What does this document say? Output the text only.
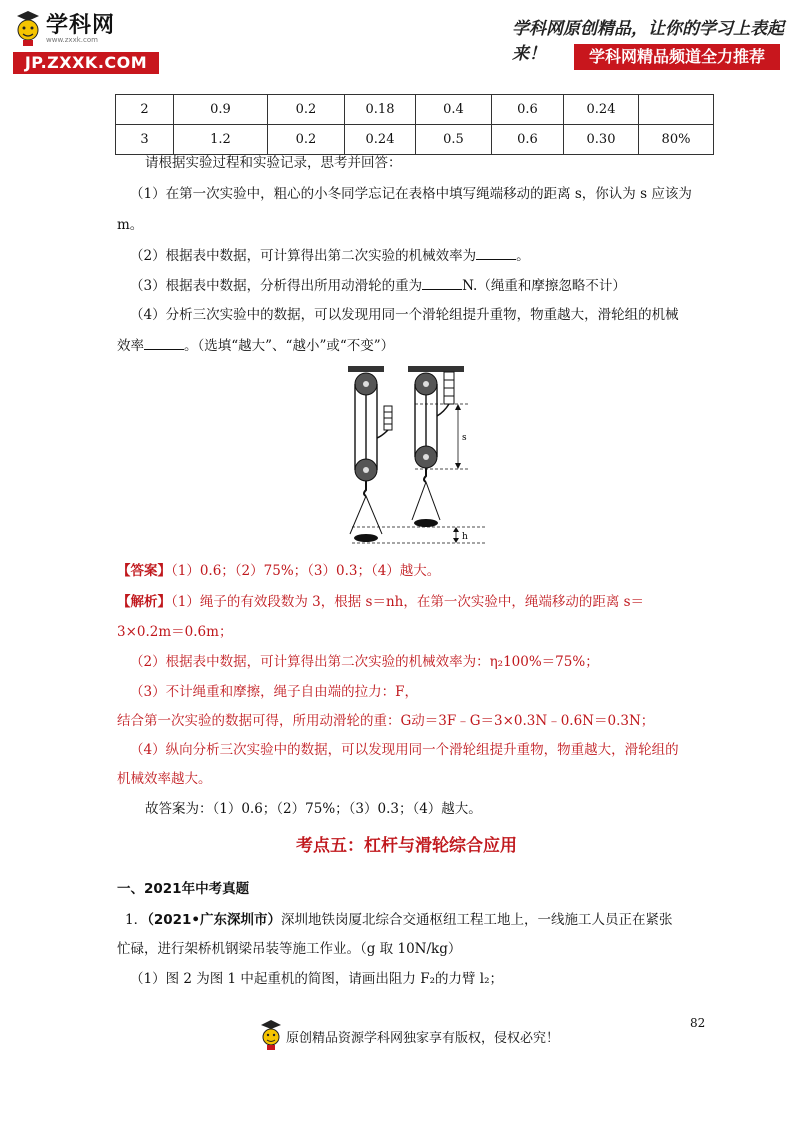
学科网
www.zxxk.com
JP.ZXXK.COM
学科网原创精品，让你的学习上表起来！	学科网精品频道全力推荐
2	0.9	0.2	0.18	0.4	0.6	0.24	
3	1.2	0.2	0.24	0.5	0.6	0.30	80%
请根据实验过程和实验记录，思考并回答：
（1）在第一次实验中，粗心的小冬同学忘记在表格中填写绳端移动的距离 s，你认为 s 应该为
m。
（2）根据表中数据，可计算得出第二次实验的机械效率为	。
（3）根据表中数据，分析得出所用动滑轮的重为	N.（绳重和摩擦忽略不计）
（4）分析三次实验中的数据，可以发现用同一个滑轮组提升重物，物重越大，滑轮组的机械
效率	。（选填“越大”、“越小”或“不变”）
s
h
【答案】（1）0.6；（2）75%；（3）0.3；（4）越大。
【解析】（1）绳子的有效段数为 3，根据 s＝nh，在第一次实验中，绳端移动的距离 s＝
3×0.2m＝0.6m；
（2）根据表中数据，可计算得出第二次实验的机械效率为：η₂100%＝75%；
（3）不计绳重和摩擦，绳子自由端的拉力：F，
结合第一次实验的数据可得，所用动滑轮的重：G动＝3F﹣G＝3×0.3N﹣0.6N＝0.3N；
（4）纵向分析三次实验中的数据，可以发现用同一个滑轮组提升重物，物重越大，滑轮组的
机械效率越大。
故答案为：（1）0.6；（2）75%；（3）0.3；（4）越大。
考点五：杠杆与滑轮综合应用
一、2021年中考真题
1．（2021•广东深圳市）深圳地铁岗厦北综合交通枢纽工程工地上，一线施工人员正在紧张
忙碌，进行架桥机钢梁吊装等施工作业。（g 取 10N/kg）
（1）图 2 为图 1 中起重机的简图，请画出阻力 F₂的力臂 l₂；
82
原创精品资源学科网独家享有版权，侵权必究！
